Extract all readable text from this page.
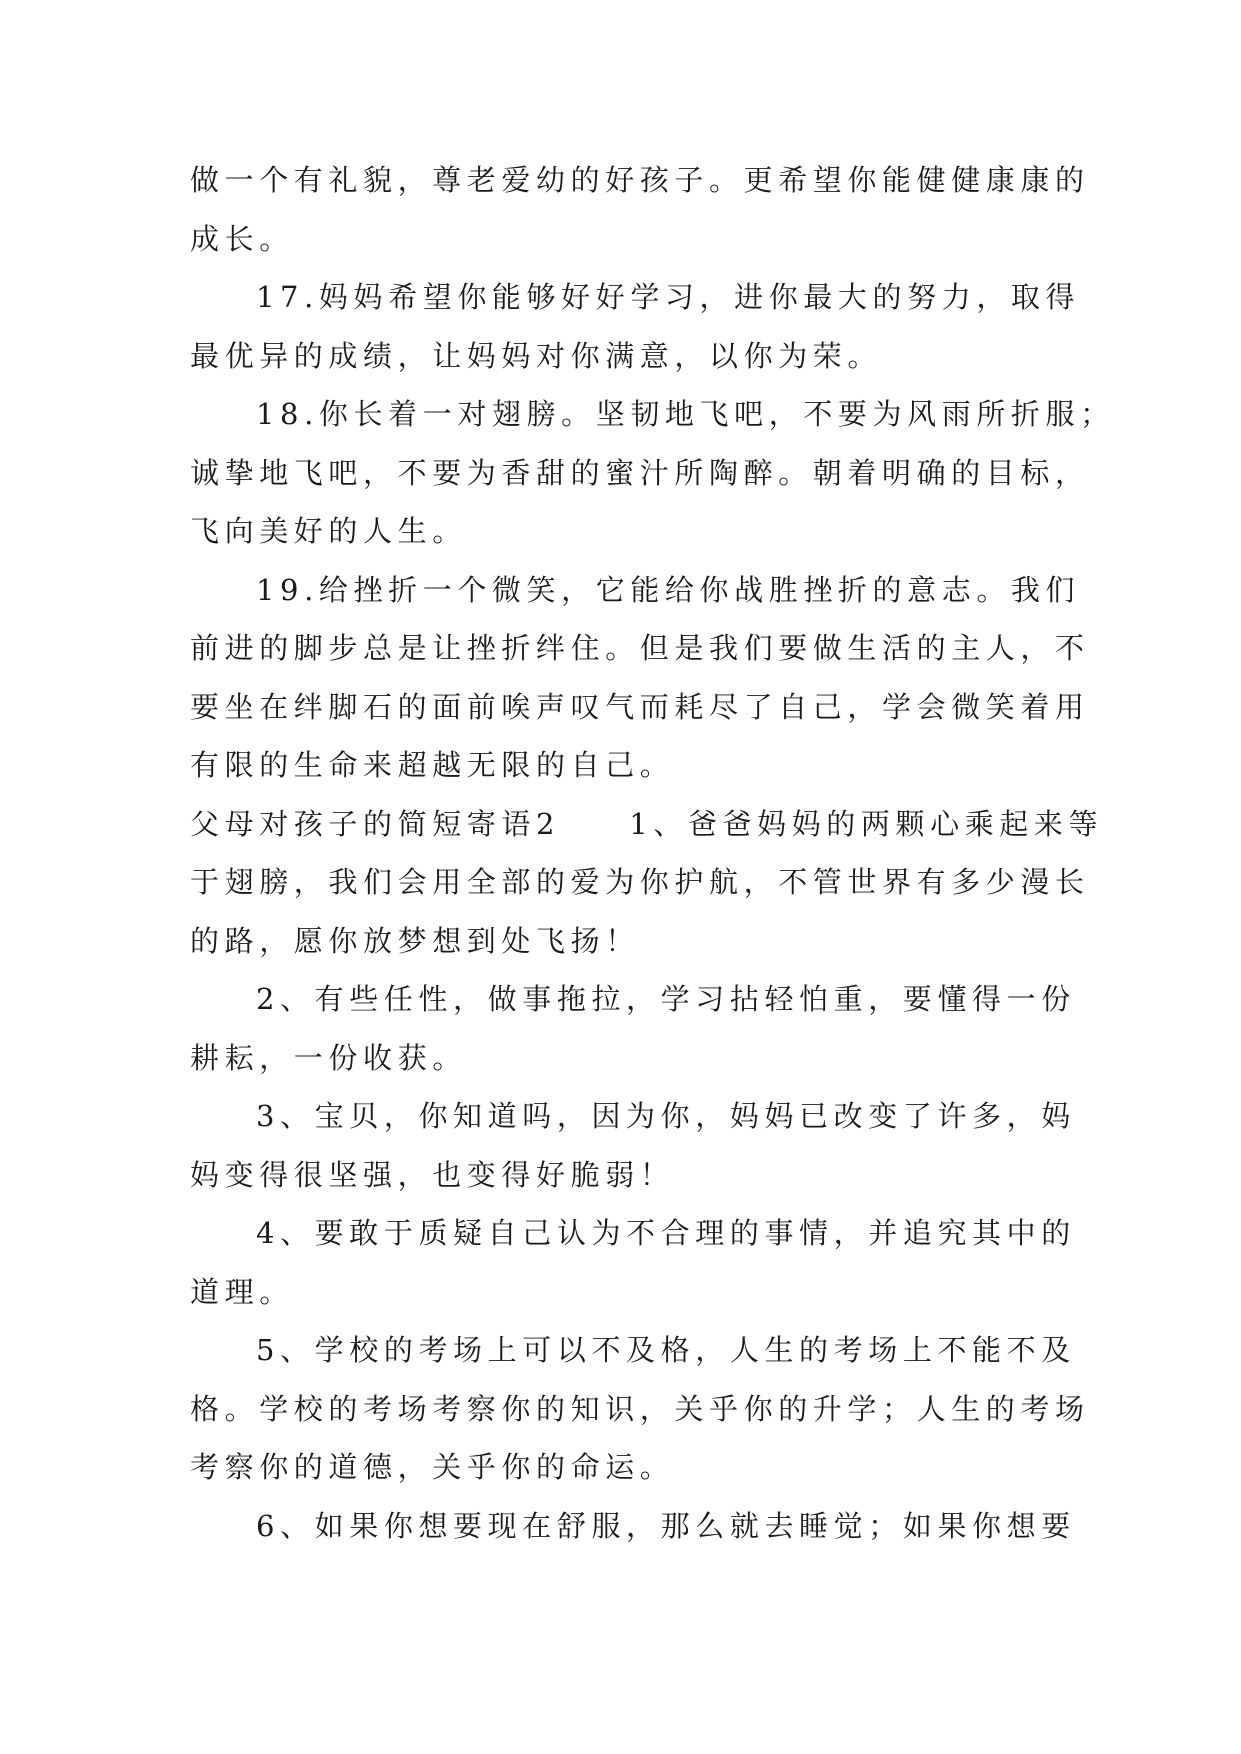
做一个有礼貌，尊老爱幼的好孩子。更希望你能健健康康的
成长。

17.妈妈希望你能够好好学习，进你最大的努力，取得
最优异的成绩，让妈妈对你满意，以你为荣。

18.你长着一对翅膀。坚韧地飞吧，不要为风雨所折服；
诚挚地飞吧，不要为香甜的蜜汁所陶醉。朝着明确的目标，
飞向美好的人生。

19.给挫折一个微笑，它能给你战胜挫折的意志。我们
前进的脚步总是让挫折绊住。但是我们要做生活的主人，不
要坐在绊脚石的面前唉声叹气而耗尽了自己，学会微笑着用
有限的生命来超越无限的自己。

父母对孩子的简短寄语2　　1、爸爸妈妈的两颗心乘起来等
于翅膀，我们会用全部的爱为你护航，不管世界有多少漫长
的路，愿你放梦想到处飞扬！

2、有些任性，做事拖拉，学习拈轻怕重，要懂得一份
耕耘，一份收获。

3、宝贝，你知道吗，因为你，妈妈已改变了许多，妈
妈变得很坚强，也变得好脆弱！

4、要敢于质疑自己认为不合理的事情，并追究其中的
道理。

5、学校的考场上可以不及格，人生的考场上不能不及
格。学校的考场考察你的知识，关乎你的升学；人生的考场
考察你的道德，关乎你的命运。

6、如果你想要现在舒服，那么就去睡觉；如果你想要
